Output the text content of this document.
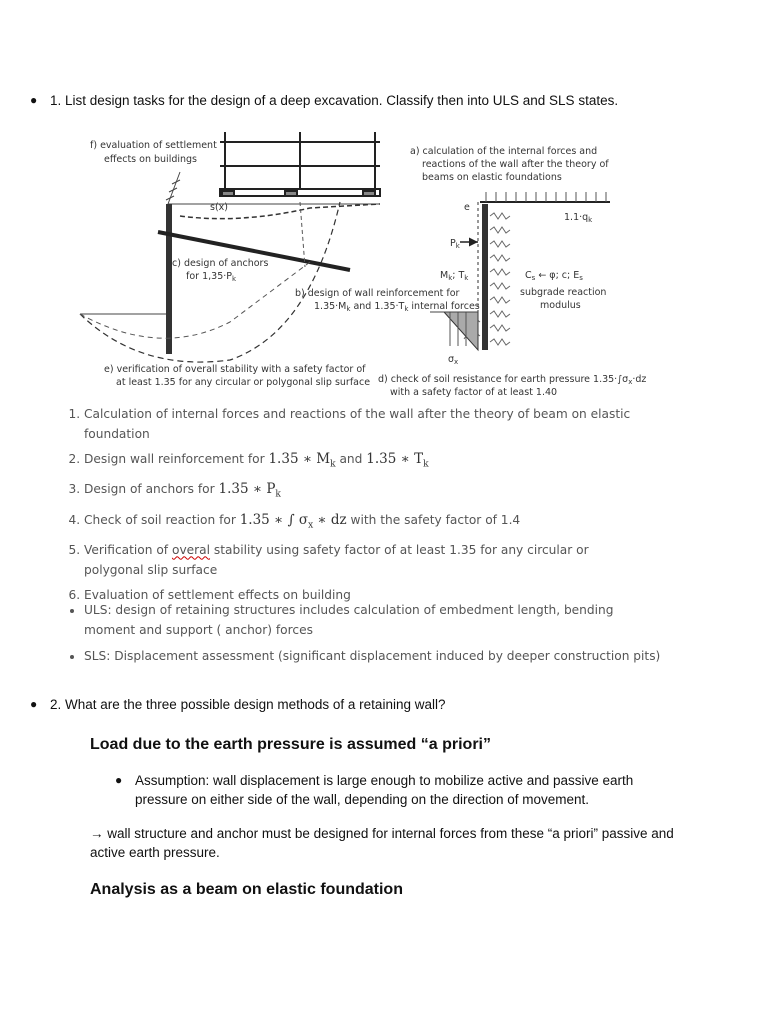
● 1. List design tasks for the design of a deep excavation. Classify then into ULS and SLS states.
f) evaluation of settlement
effects on buildings
a) calculation of the internal forces and
reactions of the wall after the theory of
beams on elastic foundations
s(x)	e
$1.1\cdot q_k$
$P_k$
c) design of anchors
for $1,35\cdot P_k$	$M_k$; $T_k$	$C_s$ ← φ; c; $E_s$
subgrade reaction
modulus
b) design of wall reinforcement for
$1.35\cdot M_k$ and $1.35\cdot T_k$ internal forces
$\sigma_x$
e) verification of overall stability with a safety factor of
at least 1.35 for any circular or polygonal slip surface d) check of soil resistance for earth pressure $1.35\cdot\int\sigma_x\cdot dz$
with a safety factor of at least 1.40
1. Calculation of internal forces and reactions of the wall after the theory of beam on elastic foundation
2. Design wall reinforcement for 1.35 ∗ $M_k$ and 1.35 ∗ $T_k$
3. Design of anchors for 1.35 ∗ $P_k$
4. Check of soil reaction for 1.35 ∗ ∫ $\sigma_x$ ∗ dz with the safety factor of 1.4
5. Verification of overal stability using safety factor of at least 1.35 for any circular or polygonal slip surface
6. Evaluation of settlement effects on building
• ULS: design of retaining structures includes calculation of embedment length, bending moment and support ( anchor) forces
• SLS: Displacement assessment (significant displacement induced by deeper construction pits)
● 2. What are the three possible design methods of a retaining wall?
Load due to the earth pressure is assumed “a priori”
● Assumption: wall displacement is large enough to mobilize active and passive earth pressure on either side of the wall, depending on the direction of movement.
→ wall structure and anchor must be designed for internal forces from these “a priori” passive and active earth pressure.
Analysis as a beam on elastic foundation
